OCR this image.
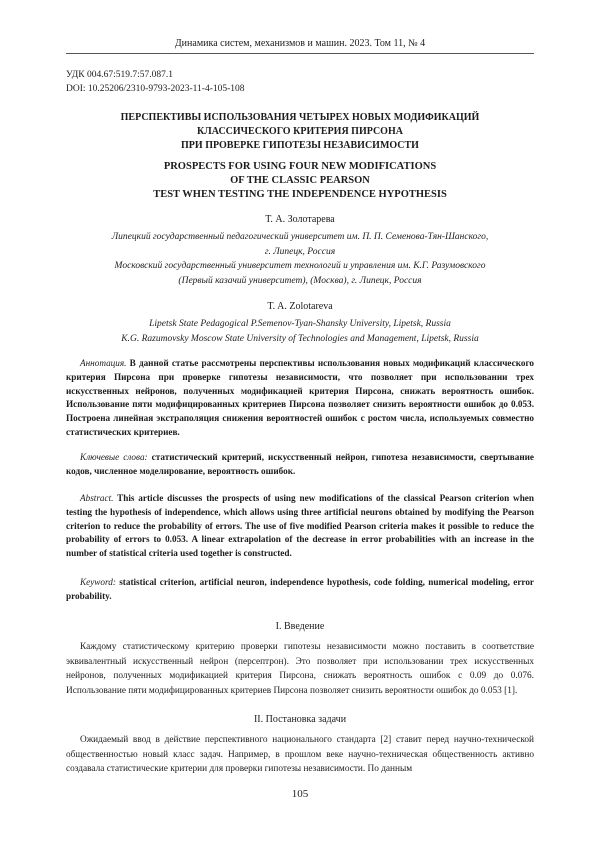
Динамика систем, механизмов и машин. 2023. Том 11, № 4
УДК 004.67:519.7:57.087.1
DOI: 10.25206/2310-9793-2023-11-4-105-108
ПЕРСПЕКТИВЫ ИСПОЛЬЗОВАНИЯ ЧЕТЫРЕХ НОВЫХ МОДИФИКАЦИЙ
КЛАССИЧЕСКОГО КРИТЕРИЯ ПИРСОНА
ПРИ ПРОВЕРКЕ ГИПОТЕЗЫ НЕЗАВИСИМОСТИ
PROSPECTS FOR USING FOUR NEW MODIFICATIONS
OF THE CLASSIC PEARSON
TEST WHEN TESTING THE INDEPENDENCE HYPOTHESIS
Т. А. Золотарева
Липецкий государственный педагогический университет им. П. П. Семенова-Тян-Шанского,
г. Липецк, Россия
Московский государственный университет технологий и управления им. К.Г. Разумовского
(Первый казачий университет), (Москва), г. Липецк, Россия
T. A. Zolotareva
Lipetsk State Pedagogical P.Semenov-Tyan-Shansky University, Lipetsk, Russia
K.G. Razumovsky Moscow State University of Technologies and Management, Lipetsk, Russia
Аннотация. В данной статье рассмотрены перспективы использования новых модификаций классического критерия Пирсона при проверке гипотезы независимости, что позволяет при использовании трех искусственных нейронов, полученных модификацией критерия Пирсона, снижать вероятность ошибок. Использование пяти модифицированных критериев Пирсона позволяет снизить вероятности ошибок до 0.053. Построена линейная экстраполяция снижения вероятностей ошибок с ростом числа, используемых совместно статистических критериев.
Ключевые слова: статистический критерий, искусственный нейрон, гипотеза независимости, свертывание кодов, численное моделирование, вероятность ошибок.
Abstract. This article discusses the prospects of using new modifications of the classical Pearson criterion when testing the hypothesis of independence, which allows using three artificial neurons obtained by modifying the Pearson criterion to reduce the probability of errors. The use of five modified Pearson criteria makes it possible to reduce the probability of errors to 0.053. A linear extrapolation of the decrease in error probabilities with an increase in the number of statistical criteria used together is constructed.
Keyword: statistical criterion, artificial neuron, independence hypothesis, code folding, numerical modeling, error probability.
I. Введение
Каждому статистическому критерию проверки гипотезы независимости можно поставить в соответствие эквивалентный искусственный нейрон (персептрон). Это позволяет при использовании трех искусственных нейронов, полученных модификацией критерия Пирсона, снижать вероятность ошибок с 0.09 до 0.076. Использование пяти модифицированных критериев Пирсона позволяет снизить вероятности ошибок до 0.053 [1].
II. Постановка задачи
Ожидаемый ввод в действие перспективного национального стандарта [2] ставит перед научно-технической общественностью новый класс задач. Например, в прошлом веке научно-техническая общественность активно создавала статистические критерии для проверки гипотезы независимости. По данным
105
